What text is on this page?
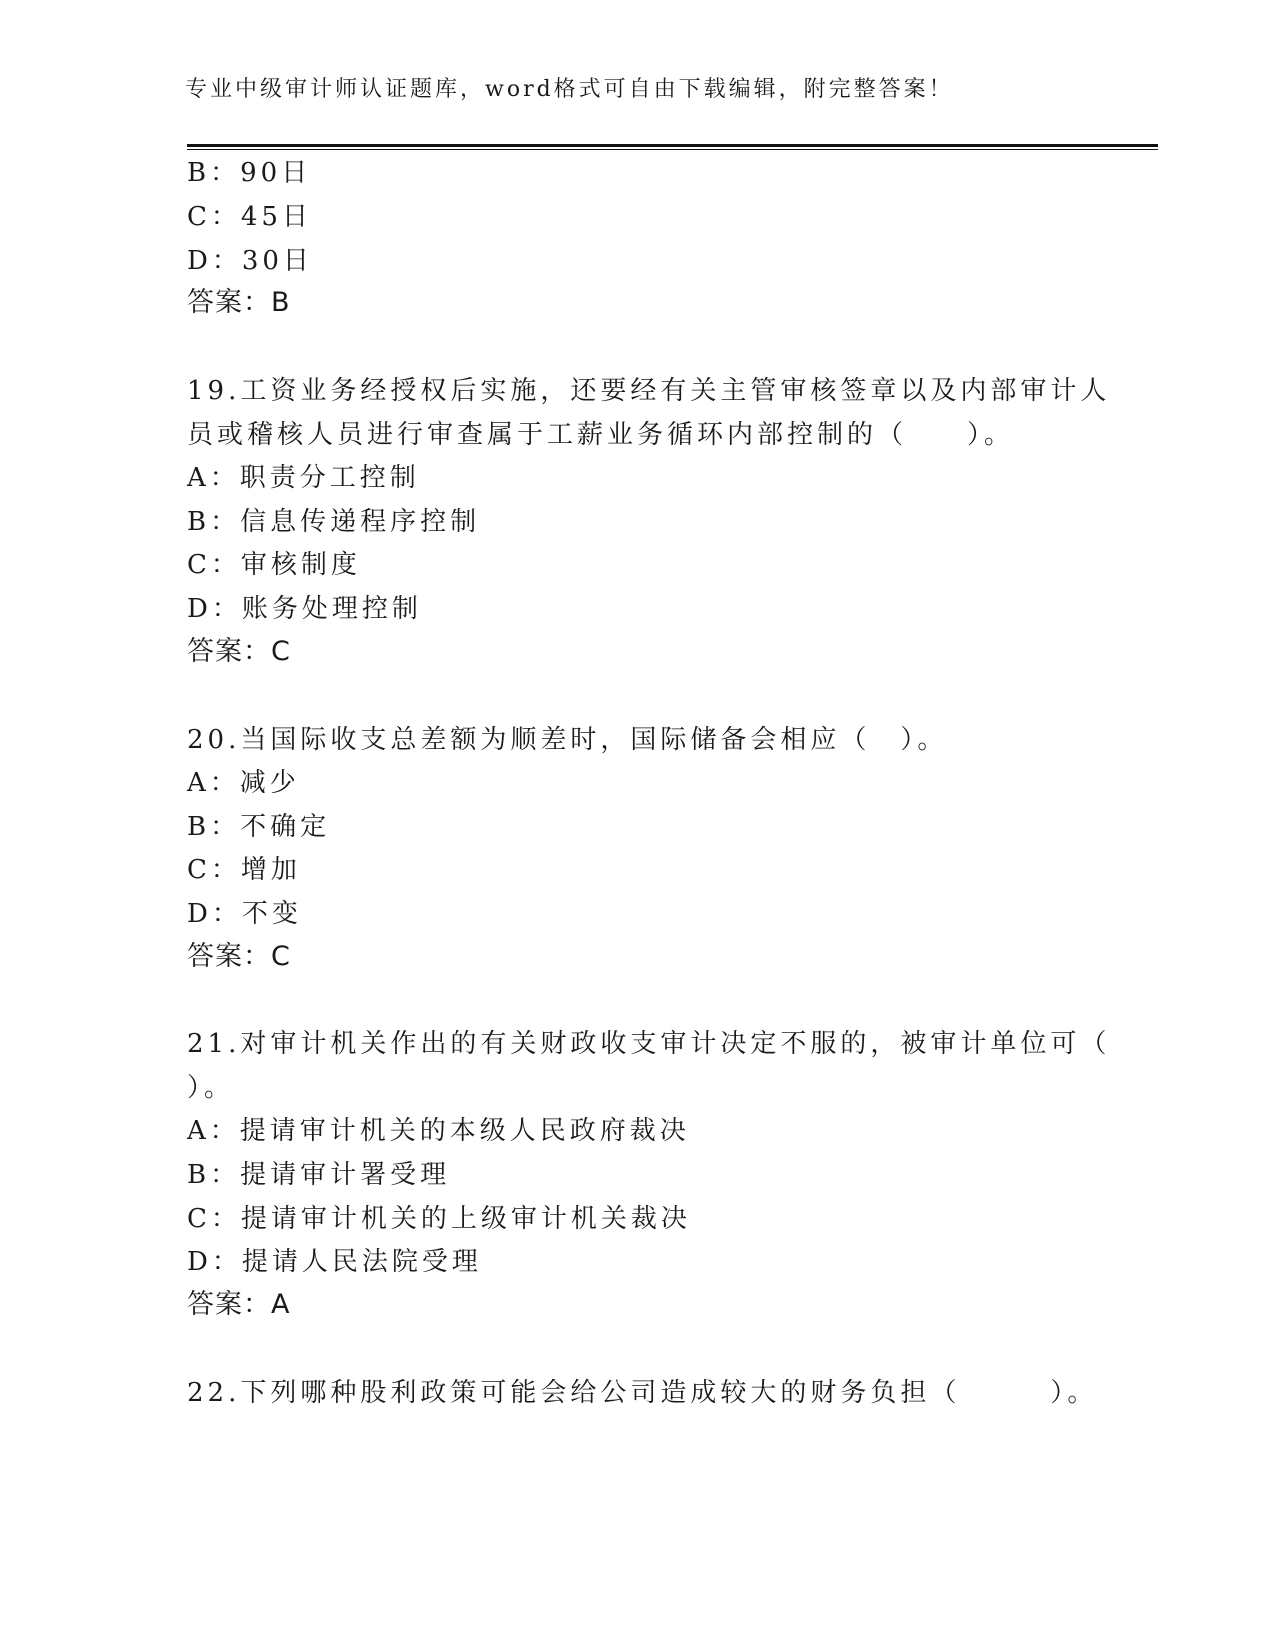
专业中级审计师认证题库，word格式可自由下载编辑，附完整答案！
B：90日
C：45日
D：30日
答案：B
19.工资业务经授权后实施，还要经有关主管审核签章以及内部审计人
员或稽核人员进行审查属于工薪业务循环内部控制的（　　）。
A：职责分工控制
B：信息传递程序控制
C：审核制度
D：账务处理控制
答案：C
20.当国际收支总差额为顺差时，国际储备会相应（　）。
A：减少
B：不确定
C：增加
D：不变
答案：C
21.对审计机关作出的有关财政收支审计决定不服的，被审计单位可（
）。
A：提请审计机关的本级人民政府裁决
B：提请审计署受理
C：提请审计机关的上级审计机关裁决
D：提请人民法院受理
答案：A
22.下列哪种股利政策可能会给公司造成较大的财务负担（　　　）。
